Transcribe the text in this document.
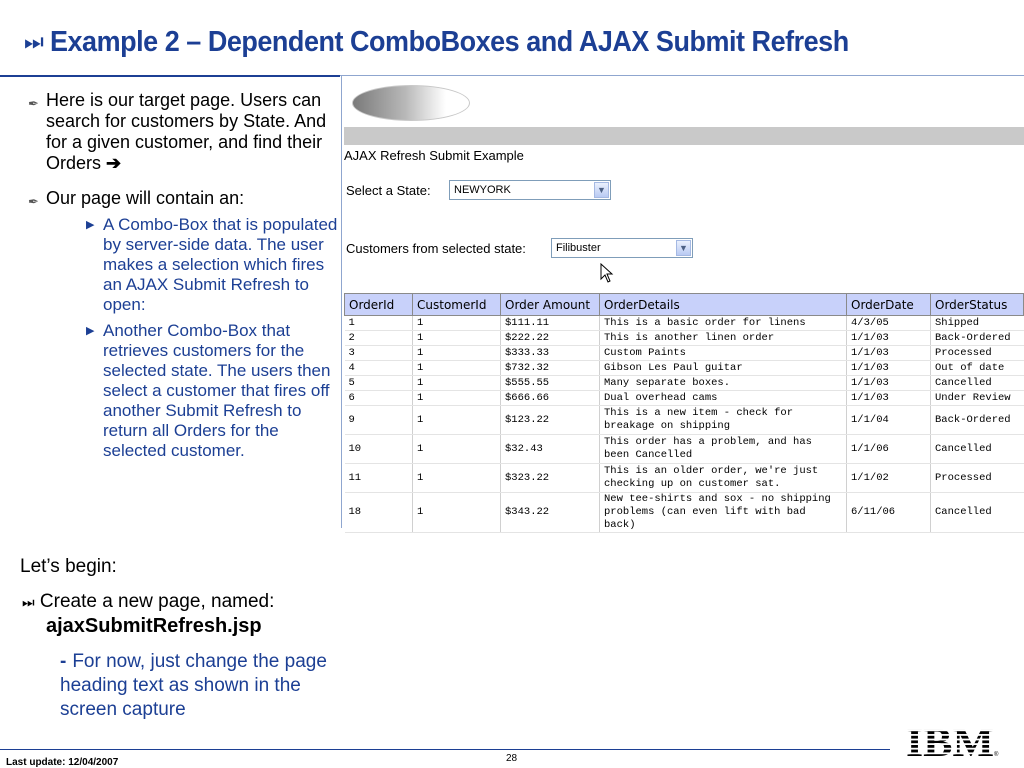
⏭ Example 2 – Dependent ComboBoxes and AJAX Submit Refresh
✒ Here is our target page. Users can search for customers by State. And for a given customer, and find their Orders ➔
✒ Our page will contain an:
▶ A Combo-Box that is populated by server-side data. The user makes a selection which fires an AJAX Submit Refresh to open:
▶ Another Combo-Box that retrieves customers for the selected state. The users then select a customer that fires off another Submit Refresh to return all Orders for the selected customer.
Let’s begin:
⏭ Create a new page, named:
ajaxSubmitRefresh.jsp
- For now, just change the page heading text as shown in the screen capture
AJAX Refresh Submit Example
Select a State: NEWYORK	▼
Customers from selected state:	Filibuster	▼
OrderId	CustomerId	Order Amount	OrderDetails	OrderDate	OrderStatus
1	1	$111.11	This is a basic order for linens	4/3/05	Shipped
2	1	$222.22	This is another linen order	1/1/03	Back-Ordered
3	1	$333.33	Custom Paints	1/1/03	Processed
4	1	$732.32	Gibson Les Paul guitar	1/1/03	Out of date
5	1	$555.55	Many separate boxes.	1/1/03	Cancelled
6	1	$666.66	Dual overhead cams	1/1/03	Under Review
9	1	$123.22	This is a new item - check for breakage on shipping	1/1/04	Back-Ordered
10	1	$32.43	This order has a problem, and has been Cancelled	1/1/06	Cancelled
11	1	$323.22	This is an older order, we're just checking up on customer sat.	1/1/02	Processed
18	1	$343.22	New tee-shirts and sox - no shipping problems (can even lift with bad back)	6/11/06	Cancelled
Last update: 12/04/2007	28	IBM ®
